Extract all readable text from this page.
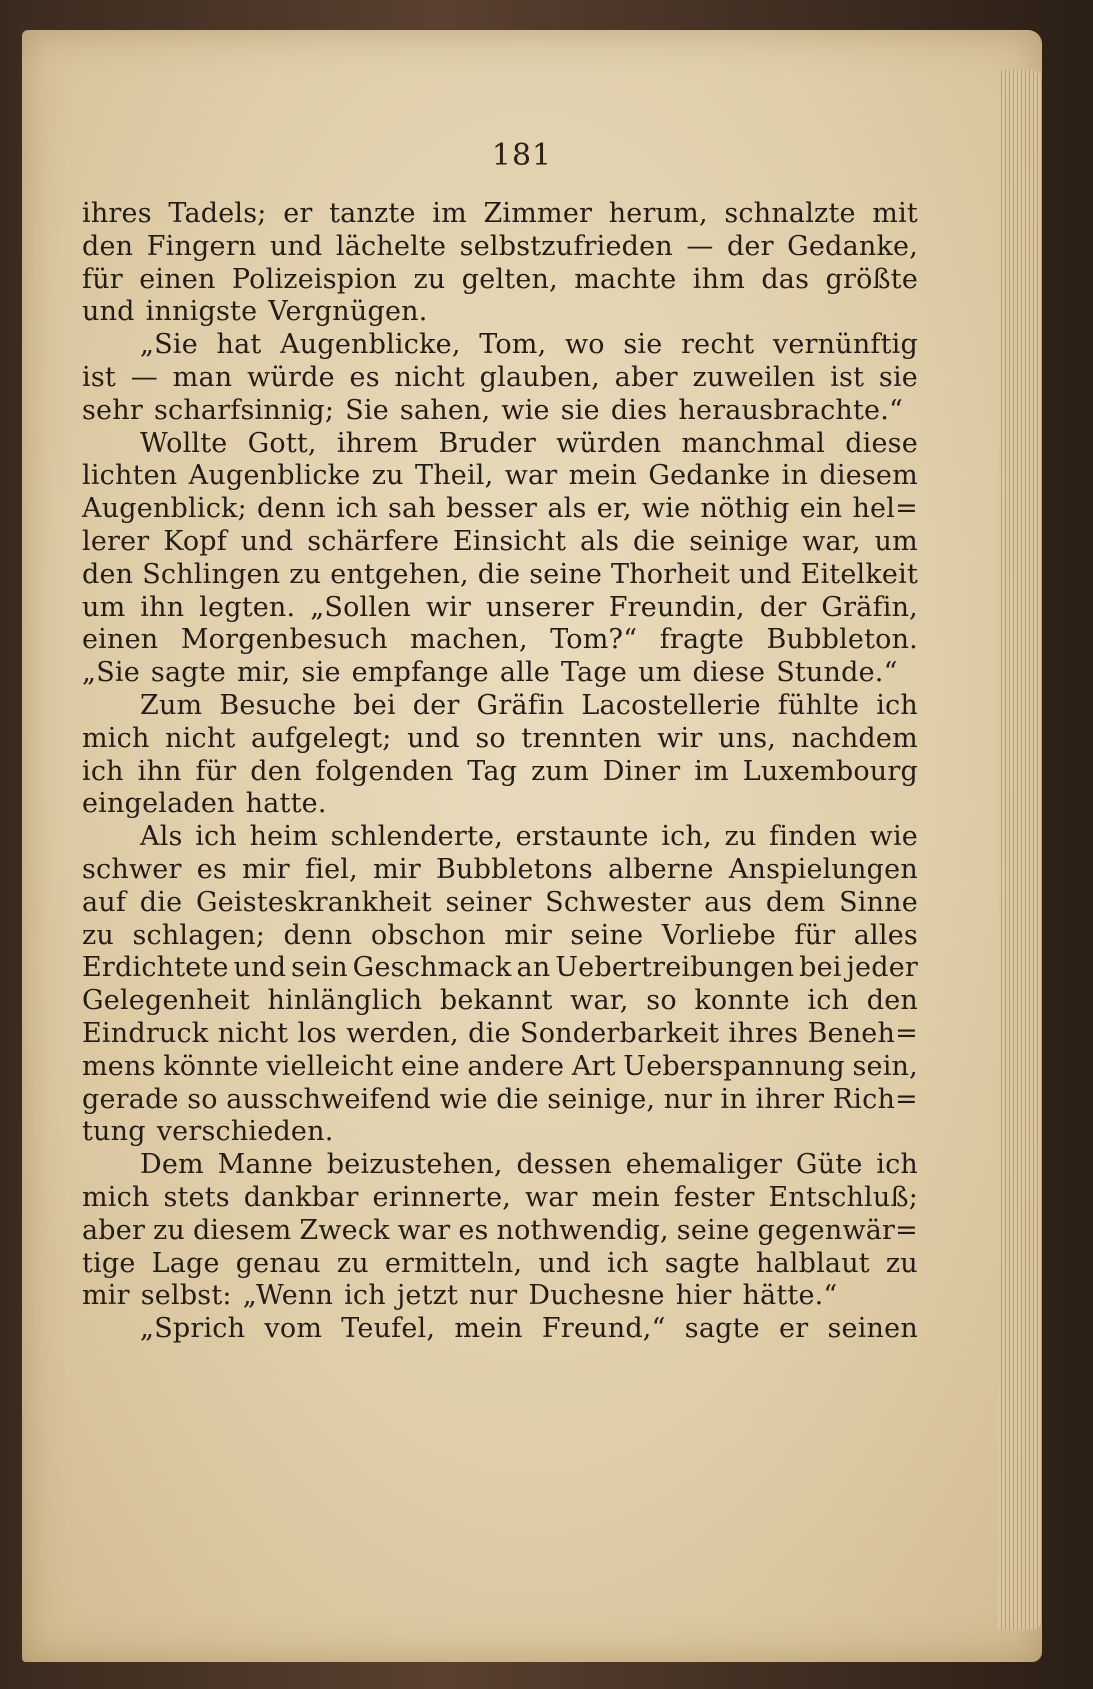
181
ihres Tadels; er tanzte im Zimmer herum, schnalzte mit
den Fingern und lächelte selbstzufrieden — der Gedanke,
für einen Polizeispion zu gelten, machte ihm das größte
und innigste Vergnügen.
„Sie hat Augenblicke, Tom, wo sie recht vernünftig
ist — man würde es nicht glauben, aber zuweilen ist sie
sehr scharfsinnig; Sie sahen, wie sie dies herausbrachte.“
Wollte Gott, ihrem Bruder würden manchmal diese
lichten Augenblicke zu Theil, war mein Gedanke in diesem
Augenblick; denn ich sah besser als er, wie nöthig ein hel=
lerer Kopf und schärfere Einsicht als die seinige war, um
den Schlingen zu entgehen, die seine Thorheit und Eitelkeit
um ihn legten. „Sollen wir unserer Freundin, der Gräfin,
einen Morgenbesuch machen, Tom?“ fragte Bubbleton.
„Sie sagte mir, sie empfange alle Tage um diese Stunde.“
Zum Besuche bei der Gräfin Lacostellerie fühlte ich
mich nicht aufgelegt; und so trennten wir uns, nachdem
ich ihn für den folgenden Tag zum Diner im Luxembourg
eingeladen hatte.
Als ich heim schlenderte, erstaunte ich, zu finden wie
schwer es mir fiel, mir Bubbletons alberne Anspielungen
auf die Geisteskrankheit seiner Schwester aus dem Sinne
zu schlagen; denn obschon mir seine Vorliebe für alles
Erdichtete und sein Geschmack an Uebertreibungen bei jeder
Gelegenheit hinlänglich bekannt war, so konnte ich den
Eindruck nicht los werden, die Sonderbarkeit ihres Beneh=
mens könnte vielleicht eine andere Art Ueberspannung sein,
gerade so ausschweifend wie die seinige, nur in ihrer Rich=
tung verschieden.
Dem Manne beizustehen, dessen ehemaliger Güte ich
mich stets dankbar erinnerte, war mein fester Entschluß;
aber zu diesem Zweck war es nothwendig, seine gegenwär=
tige Lage genau zu ermitteln, und ich sagte halblaut zu
mir selbst: „Wenn ich jetzt nur Duchesne hier hätte.“
„Sprich vom Teufel, mein Freund,“ sagte er seinen
